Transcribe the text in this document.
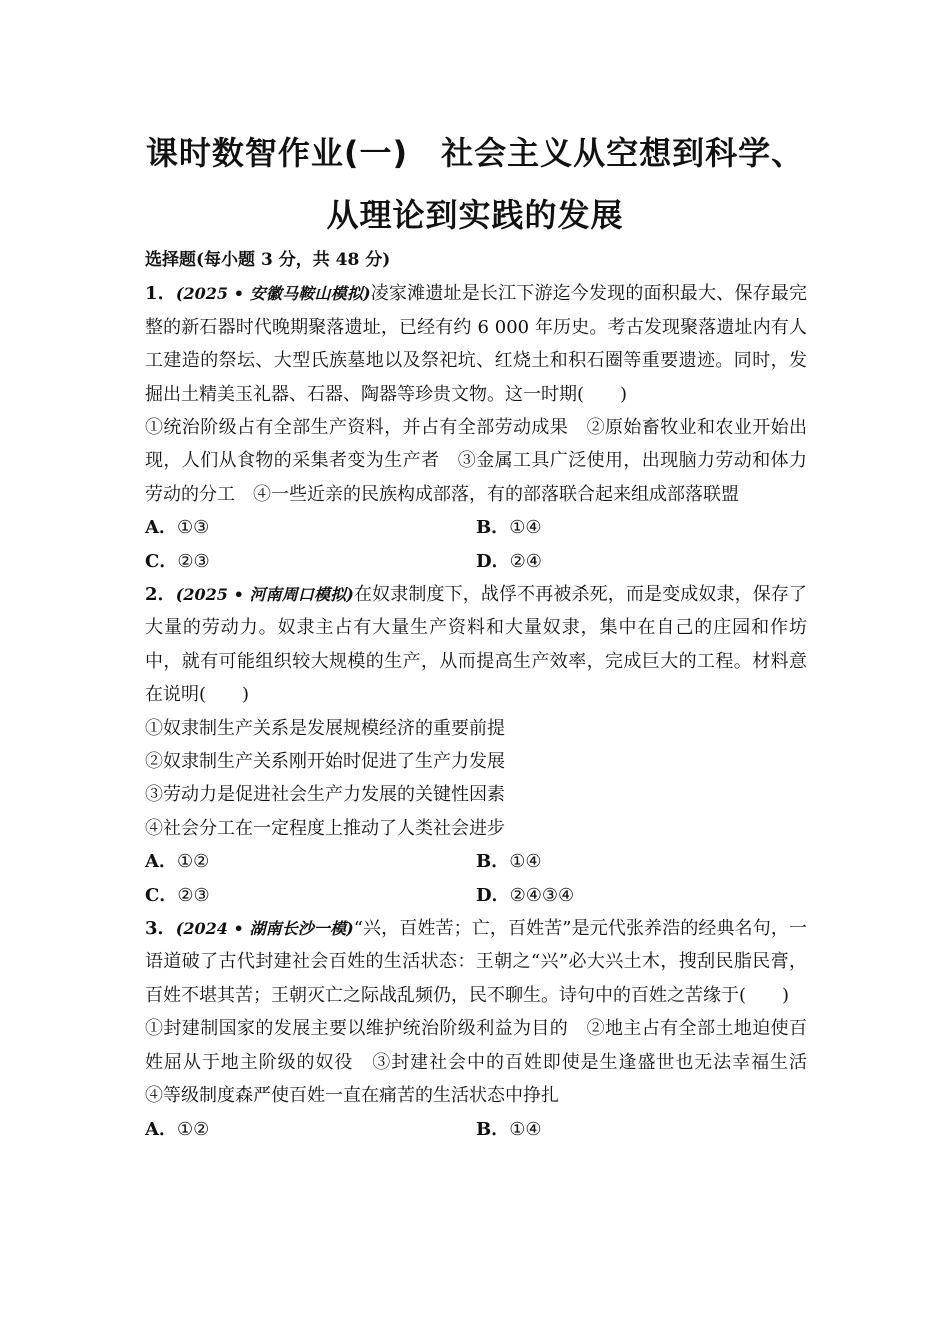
课时数智作业(一)　社会主义从空想到科学、
从理论到实践的发展

选择题(每小题 3 分，共 48 分)

1．(2025 • 安徽马鞍山模拟)凌家滩遗址是长江下游迄今发现的面积最大、保存最完整的新石器时代晚期聚落遗址，已经有约 6 000 年历史。考古发现聚落遗址内有人工建造的祭坛、大型氏族墓地以及祭祀坑、红烧土和积石圈等重要遗迹。同时，发掘出土精美玉礼器、石器、陶器等珍贵文物。这一时期(　　)

①统治阶级占有全部生产资料，并占有全部劳动成果　②原始畜牧业和农业开始出现，人们从食物的采集者变为生产者　③金属工具广泛使用，出现脑力劳动和体力劳动的分工　④一些近亲的民族构成部落，有的部落联合起来组成部落联盟

A．①③	B．①④
C．②③	D．②④

2．(2025 • 河南周口模拟)在奴隶制度下，战俘不再被杀死，而是变成奴隶，保存了大量的劳动力。奴隶主占有大量生产资料和大量奴隶，集中在自己的庄园和作坊中，就有可能组织较大规模的生产，从而提高生产效率，完成巨大的工程。材料意在说明(　　)

①奴隶制生产关系是发展规模经济的重要前提

②奴隶制生产关系刚开始时促进了生产力发展

③劳动力是促进社会生产力发展的关键性因素

④社会分工在一定程度上推动了人类社会进步

A．①②	B．①④
C．②③	D．②④③④

3．(2024 • 湖南长沙一模)“兴，百姓苦；亡，百姓苦”是元代张养浩的经典名句，一语道破了古代封建社会百姓的生活状态：王朝之“兴”必大兴土木，搜刮民脂民膏，百姓不堪其苦；王朝灭亡之际战乱频仍，民不聊生。诗句中的百姓之苦缘于(　　)

①封建制国家的发展主要以维护统治阶级利益为目的　②地主占有全部土地迫使百姓屈从于地主阶级的奴役　③封建社会中的百姓即使是生逢盛世也无法幸福生活　④等级制度森严使百姓一直在痛苦的生活状态中挣扎

A．①②	B．①④
